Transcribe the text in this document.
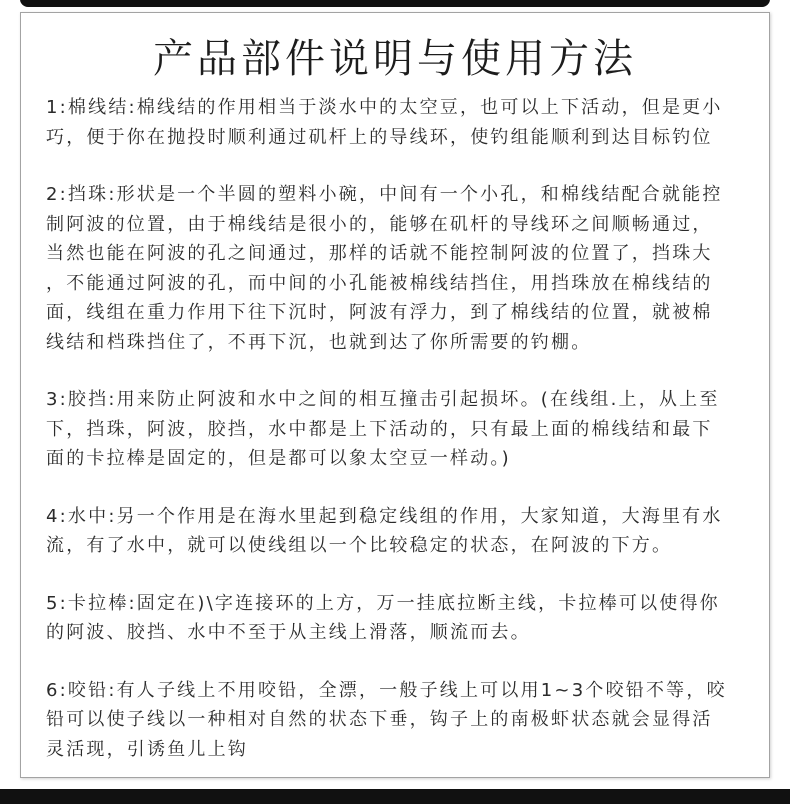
产品部件说明与使用方法
1:棉线结:棉线结的作用相当于淡水中的太空豆，也可以上下活动，但是更小
巧，便于你在抛投时顺利通过矶杆上的导线环，使钓组能顺利到达目标钓位
2:挡珠:形状是一个半圆的塑料小碗，中间有一个小孔，和棉线结配合就能控
制阿波的位置，由于棉线结是很小的，能够在矶杆的导线环之间顺畅通过，
当然也能在阿波的孔之间通过，那样的话就不能控制阿波的位置了，挡珠大
，不能通过阿波的孔，而中间的小孔能被棉线结挡住，用挡珠放在棉线结的
面，线组在重力作用下往下沉时，阿波有浮力，到了棉线结的位置，就被棉
线结和档珠挡住了，不再下沉，也就到达了你所需要的钓棚。
3:胶挡:用来防止阿波和水中之间的相互撞击引起损坏。(在线组.上，从上至
下，挡珠，阿波，胶挡，水中都是上下活动的，只有最上面的棉线结和最下
面的卡拉棒是固定的，但是都可以象太空豆一样动。)
4:水中:另一个作用是在海水里起到稳定线组的作用，大家知道，大海里有水
流，有了水中，就可以使线组以一个比较稳定的状态，在阿波的下方。
5:卡拉棒:固定在)\字连接环的上方，万一挂底拉断主线，卡拉棒可以使得你
的阿波、胶挡、水中不至于从主线上滑落，顺流而去。
6:咬铅:有人子线上不用咬铅，全漂，一般子线上可以用1~3个咬铅不等，咬
铅可以使子线以一种相对自然的状态下垂，钩子上的南极虾状态就会显得活
灵活现，引诱鱼儿上钩
